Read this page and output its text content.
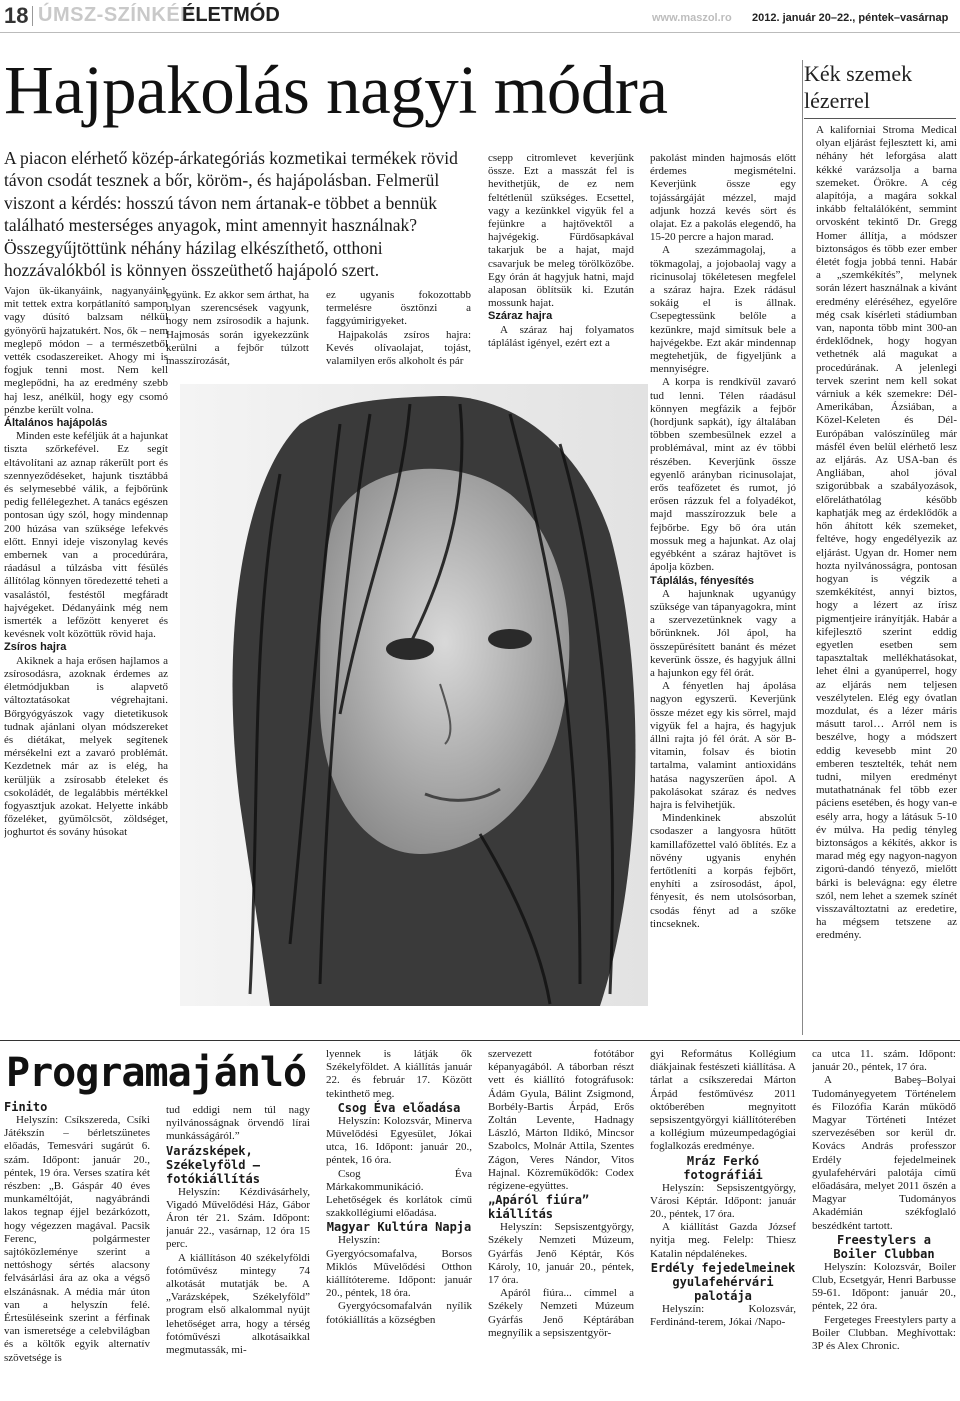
18 ÚMSZ-SZÍNKÉP
ÉLETMÓD	www.maszol.ro 2012. január 20–22., péntek–vasárnap
Hajpakolás nagyi módra
A piacon elérhető közép-árkategóriás kozmetikai termékek rövid távon csodát tesznek a bőr, köröm-, és hajápolásban. Felmerül viszont a kérdés: hosszú távon nem ártanak-e többet a bennük található mesterséges anyagok, mint amennyit használnak? Összegyűjtöttünk néhány házilag elkészíthető, otthoni hozzávalókból is könnyen összeüthető hajápoló szert.

Vajon ük-ükanyáink, nagyanyáink mit tettek extra korpátlanító sampon vagy dúsító balzsam nélkül gyönyörű hajzatukért. Nos, ők – nem meglepő módon – a természetből vették csodaszereiket. Ahogy mi is fogjuk tenni most. Nem kell meglepődni, ha az eredmény szebb haj lesz, anélkül, hogy egy csomó pénzbe került volna.

Általános hajápolás

Minden este keféljük át a hajunkat tiszta szőrkefével. Ez segít eltávolítani az aznap rákerült port és szennyeződéseket, hajunk tisztábbá és selymesebbé válik, a fejbőrünk pedig fellélegezhet. A tanács egészen pontosan úgy szól, hogy mindennap 200 húzása van szüksége lefekvés előtt. Ennyi ideje viszonylag kevés embernek van a procedúrára, ráadásul a túlzásba vitt fésülés állítólag könnyen töredezetté teheti a vasalástól, festéstől megfáradt hajvégeket. Dédanyáink még nem ismerték a lefőzött kenyeret és kevésnek volt közöttük rövid haja.

Zsíros hajra

Akiknek a haja erősen hajlamos a zsírosodásra, azoknak érdemes az életmódjukban is alapvető változtatásokat végrehajtani. Bőrgyógyászok vagy dietetikusok tudnak ajánlani olyan módszereket és diétákat, melyek segítenek mérsékelni ezt a zavaró problémát. Kezdetnek már az is elég, ha kerüljük a zsírosabb ételeket és csokoládét, de legalábbis mértékkel fogyasztjuk azokat. Helyette inkább főzeléket, gyümölcsöt, zöldséget, joghurtot és sovány húsokat

együnk. Ez akkor sem árthat, ha olyan szerencsések vagyunk, hogy nem zsírosodik a hajunk. Hajmosás során igyekezzünk kerülni a fejbőr túlzott masszírozását,

ez ugyanis fokozottabb termelésre ösztönzi a faggyúmirigyeket.

Hajpakolás zsíros hajra: Kevés olívaolajat, tojást, valamilyen erős alkoholt és pár

csepp citromlevet keverjünk össze. Ezt a masszát fel is hevíthetjük, de ez nem feltétlenül szükséges. Ecsettel, vagy a kezünkkel vigyük fel a fejünkre a hajtővektől a hajvégekig. Fürdősapkával takarjuk be a hajat, majd csavarjuk be meleg törölközőbe. Egy órán át hagyjuk hatni, majd alaposan öblítsük ki. Ezután mossunk hajat.

Száraz hajra

A száraz haj folyamatos táplálást igényel, ezért ezt a

pakolást minden hajmosás előtt érdemes megismételni. Keverjünk össze egy tojássárgáját mézzel, majd adjunk hozzá kevés sört és olajat. Ez a pakolás elegendő, ha 15-20 percre a hajon marad.

A szezámmagolaj, a tökmagolaj, a jojobaolaj vagy a ricinusolaj tökéletesen megfelel a száraz hajra. Ezek rádásul sokáig el is állnak. Csepegtessünk belőle a kezünkre, majd simítsuk bele a hajvégekbe. Ezt akár mindennap megtehetjük, de figyeljünk a mennyiségre.

A korpa is rendkívül zavaró tud lenni. Télen ráadásul könnyen megfázik a fejbőr (hordjunk sapkát), így általában többen szembesülnek ezzel a problémával, mint az év többi részében. Keverjünk össze egyenlő arányban ricinusolajat, erős teafőzetet és rumot, jó erősen rázzuk fel a folyadékot, majd masszírozzuk bele a fejbőrbe. Egy bő óra után mossuk meg a hajunkat. Az olaj egyébként a száraz hajtövet is ápolja közben.

Táplálás, fényesítés

A hajunknak ugyanúgy szüksége van tápanyagokra, mint a szervezetünknek vagy a bőrünknek. Jól ápol, ha összepürésített banánt és mézet keverünk össze, és hagyjuk állni a hajunkon egy fél órát.

A fényetlen haj ápolása nagyon egyszerű. Keverjünk össze mézet egy kis sörrel, majd vigyük fel a hajra, és hagyjuk állni rajta jó fél órát. A sör B-vitamin, folsav és biotin tartalma, valamint antioxidáns hatása nagyszerűen ápol. A pakolásokat száraz és nedves hajra is felvihetjük.

Mindenkinek abszolút csodaszer a langyosra hűtött kamillafőzettel való öblítés. Ez a növény ugyanis enyhén fertőtleníti a korpás fejbőrt, enyhíti a zsírosodást, ápol, fényesít, és nem utolsósorban, csodás fényt ad a szőke tincseknek.

Kék szemek lézerrel

A kaliforniai Stroma Medical olyan eljárást fejlesztett ki, ami néhány hét leforgása alatt kékké varázsolja a barna szemeket. Örökre. A cég alapítója, a magára sokkal inkább feltalálóként, semmint orvosként tekintő Dr. Gregg Homer állítja, a módszer biztonságos és több ezer ember életét fogja jobbá tenni. Habár a „szemkékítés”, melynek során lézert használnak a kivánt eredmény eléréséhez, egyelőre még csak kísérleti stádiumban van, naponta több mint 300-an érdeklődnek, hogy hogyan vethetnék alá magukat a procedúrának. A jelenlegi tervek szerint nem kell sokat várniuk a kék szemekre: Dél-Amerikában, Ázsiában, a Közel-Keleten és Dél-Európában valószínűleg már másfél éven belül elérhető lesz az eljárás. Az USA-ban és Angliában, ahol jóval szigorúbbak a szabályozások, előreláthatólag később kaphatják meg az érdeklődők a hőn áhított kék szemeket, feltéve, hogy engedélyezik az eljárást. Ugyan dr. Homer nem hozta nyilvánosságra, pontosan hogyan is végzik a szemkékítést, annyi biztos, hogy a lézert az írisz pigmentjeire irányítják. Habár a kifejlesztő szerint eddig egyetlen esetben sem tapasztaltak mellékhatásokat, lehet élni a gyanúperrel, hogy az eljárás nem teljesen veszélytelen. Elég egy óvatlan mozdulat, és a lézer máris másutt tarol… Arról nem is beszélve, hogy a módszert eddig kevesebb mint 20 emberen tesztelték, tehát nem tudni, milyen eredményt mutathatnának fel több ezer páciens esetében, és hogy van-e esély arra, hogy a látásuk 5-10 év múlva. Ha pedig tényleg biztonságos a kékítés, akkor is marad még egy nagyon-nagyon zigorú-dandó tényező, mielőtt bárki is belevágna: egy életre szól, nem lehet a szemek színét visszaváltoztatni az eredetire, ha mégsem tetszene az eredmény.

Programajánló

Finito

Helyszín: Csíkszereda, Csíki Játékszín – bérletszünetes előadás, Temesvári sugárút 6. szám. Időpont: január 20., péntek, 19 óra. Verses szatíra két részben: „B. Gáspár 40 éves munkaméltóját, nagyábrándi lakos tegnap éjjel bezárkózott, hogy végezzen magával. Pacsik Ferenc, polgármester sajtóközleménye szerint a nettóshogy sértés alacsony felvásárlási ára az oka a végső elszánásnak. A média már úton van a helyszín felé. Értesüléseink szerint a férfinak van ismeretsége a celebvilágban és a költők egyik alternatív szövetsége is

tud eddigi nem túl nagy nyilvánosságnak örvendő lírai munkásságáról.”

Varázsképek, Székelyföld – fotókiállítás

Helyszín: Kézdivásárhely, Vigadó Művelődési Ház, Gábor Áron tér 21. Szám. Időpont: január 22., vasárnap, 12 óra 15 perc.

A kiállításon 40 székelyföldi fotóművész mintegy 74 alkotását mutatják be. A „Varázsképek, Székelyföld” program első alkalommal nyújt lehetőséget arra, hogy a térség fotóművészi alkotásaikkal megmutassák, mi-

lyennek is látják ők Székelyföldet. A kiállítás január 22. és február 17. Között tekinthető meg.

Csog Éva előadása

Helyszín: Kolozsvár, Minerva Művelődési Egyesület, Jókai utca, 16. Időpont: január 20., péntek, 16 óra.

Csog Éva Márkakommunikáció. Lehetőségek és korlátok című szakkollégiumi előadása.

Magyar Kultúra Napja

Helyszín: Gyergyócsomafalva, Borsos Miklós Művelődési Otthon kiállítótereme. Időpont: január 20., péntek, 18 óra.

Gyergyócsomafalván nyílik fotókiállítás a községben

szervezett fotótábor képanyagából. A táborban részt vett és kiállító fotográfusok: Ádám Gyula, Bálint Zsigmond, Borbély-Bartis Árpád, Erős Zoltán Levente, Hadnagy László, Márton Ildikó, Mincsor Szabolcs, Molnár Attila, Szentes Zágon, Veres Nándor, Vitos Hajnal. Közreműködők: Codex régizene-együttes.

„Apáról fiúra” kiállítás

Helyszín: Sepsiszentgyörgy, Székely Nemzeti Múzeum, Gyárfás Jenő Képtár, Kós Károly, 10, január 20., péntek, 17 óra.

Apáról fiúra... címmel a Székely Nemzeti Múzeum Gyárfás Jenő Képtárában megnyílik a sepsiszentgyör-

gyi Református Kollégium diákjainak festészeti kiállítása. A tárlat a csíkszeredai Márton Árpád festőművész 2011 októberében megnyitott sepsiszentgyörgyi kiállítóterében a kollégium múzeumpedagógiai foglalkozás eredménye.

Mráz Ferkó fotográfiái

Helyszín: Sepsiszentgyörgy, Városi Képtár. Időpont: január 20., péntek, 17 óra.

A kiállítást Gazda József nyitja meg. Felelp: Thiesz Katalin népdalénekes.

Erdély fejedelmeinek gyulafehérvári palotája

Helyszín: Kolozsvár, Ferdinánd-terem, Jókai /Napo-

ca utca 11. szám. Időpont: január 20., péntek, 17 óra.

A Babeş–Bolyai Tudományegyetem Történelem és Filozófia Karán működő Magyar Történeti Intézet szervezésében sor kerül dr. Kovács András professzor Erdély fejedelmeinek gyulafehérvári palotája című előadására, melyet 2011 őszén a Magyar Tudományos Akadémián székfoglaló beszédként tartott.

Freestylers a Boiler Clubban

Helyszín: Kolozsvár, Boiler Club, Ecsetgyár, Henri Barbusse 59-61. Időpont: január 20., péntek, 22 óra.

Fergeteges Freestylers party a Boiler Clubban. Meghívottak: 3P és Alex Chronic.
